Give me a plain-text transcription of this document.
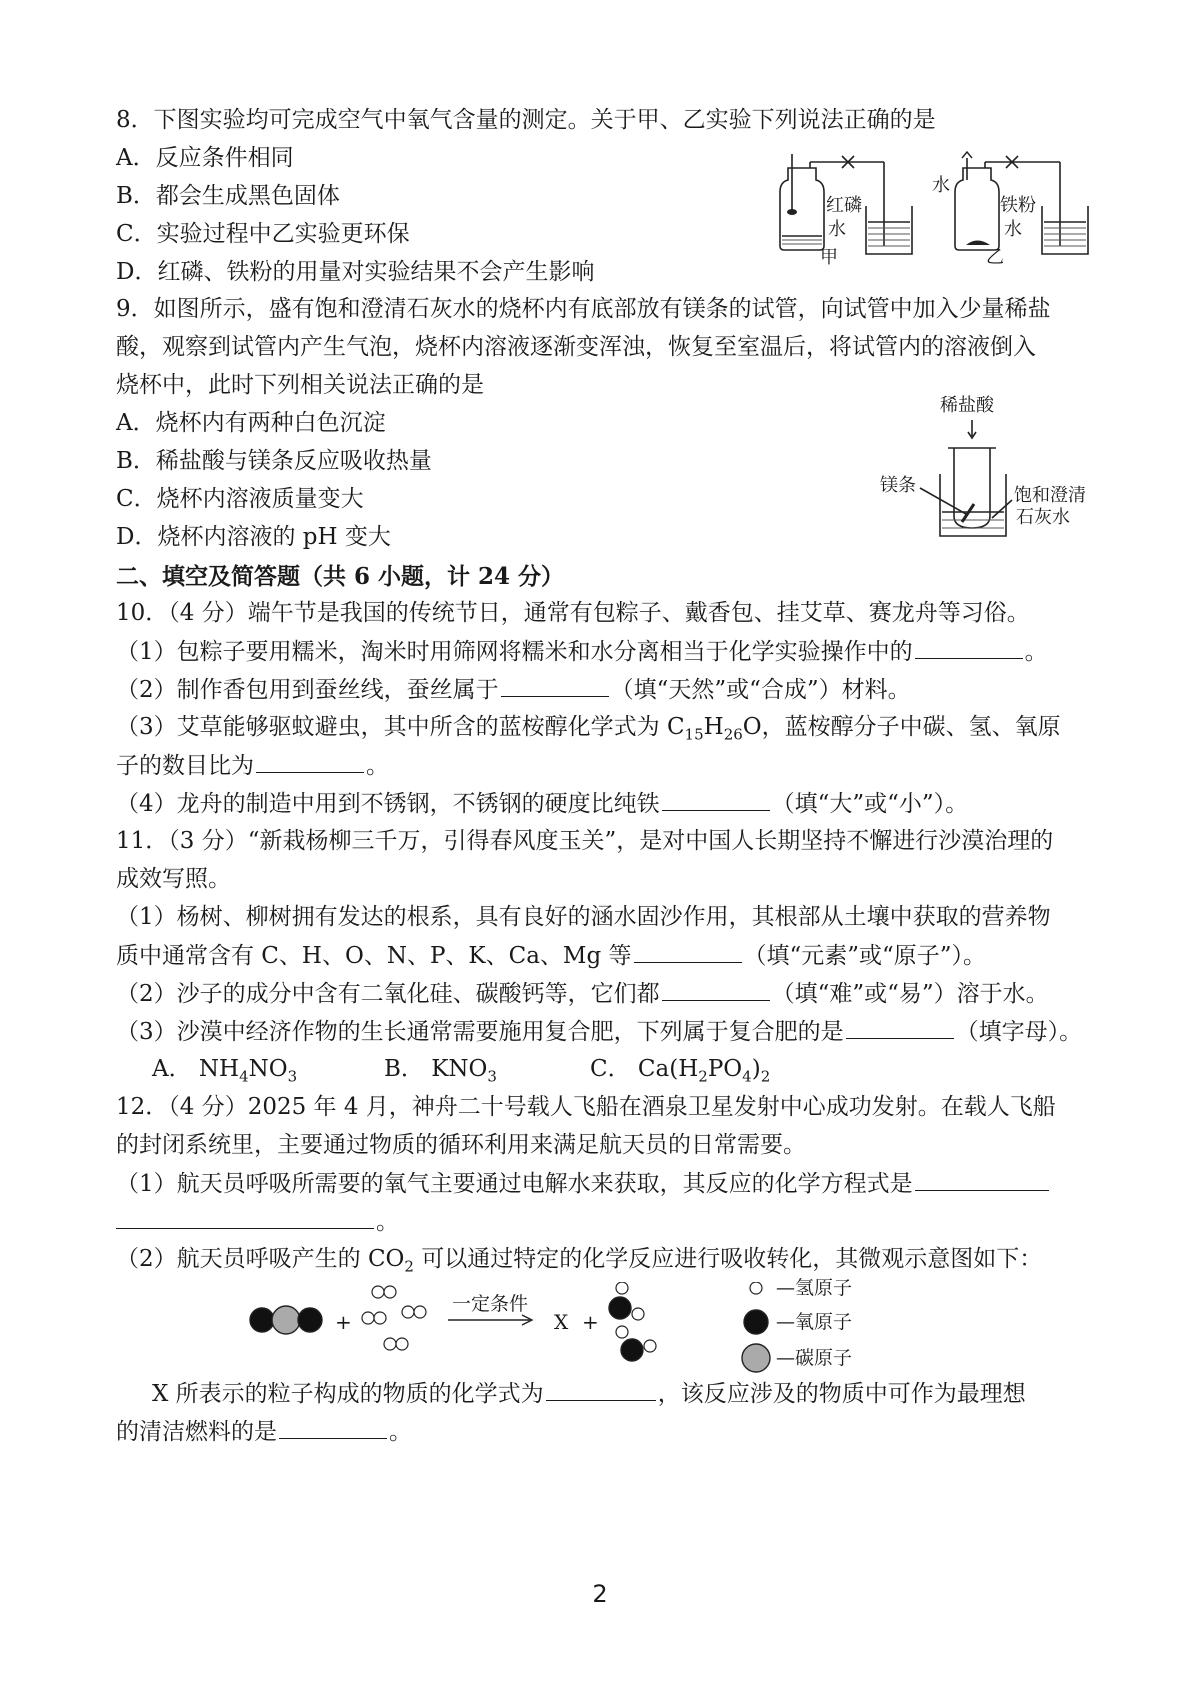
8．下图实验均可完成空气中氧气含量的测定。关于甲、乙实验下列说法正确的是
A．反应条件相同
B．都会生成黑色固体
C．实验过程中乙实验更环保
D．红磷、铁粉的用量对实验结果不会产生影响
红磷
水
甲
水
铁粉
水
乙
9．如图所示，盛有饱和澄清石灰水的烧杯内有底部放有镁条的试管，向试管中加入少量稀盐
酸，观察到试管内产生气泡，烧杯内溶液逐渐变浑浊，恢复至室温后，将试管内的溶液倒入
烧杯中，此时下列相关说法正确的是
A．烧杯内有两种白色沉淀
B．稀盐酸与镁条反应吸收热量
C．烧杯内溶液质量变大
D．烧杯内溶液的 pH 变大
稀盐酸
镁条	饱和澄清
石灰水
二、填空及简答题（共 6 小题，计 24 分）
10．（4 分）端午节是我国的传统节日，通常有包粽子、戴香包、挂艾草、赛龙舟等习俗。
（1）包粽子要用糯米，淘米时用筛网将糯米和水分离相当于化学实验操作中的	。
（2）制作香包用到蚕丝线，蚕丝属于	（填“天然”或“合成”）材料。
（3）艾草能够驱蚊避虫，其中所含的蓝桉醇化学式为 $C_{15}H_{26}O$，蓝桉醇分子中碳、氢、氧原
子的数目比为	。
（4）龙舟的制造中用到不锈钢，不锈钢的硬度比纯铁	（填“大”或“小”）。
11．（3 分）“新栽杨柳三千万，引得春风度玉关”，是对中国人长期坚持不懈进行沙漠治理的
成效写照。
（1）杨树、柳树拥有发达的根系，具有良好的涵水固沙作用，其根部从土壤中获取的营养物
质中通常含有 C、H、O、N、P、K、Ca、Mg 等	（填“元素”或“原子”）。
（2）沙子的成分中含有二氧化硅、碳酸钙等，它们都	（填“难”或“易”）溶于水。
（3）沙漠中经济作物的生长通常需要施用复合肥，下列属于复合肥的是	（填字母）。
A． $NH_4NO_3$	B． $KNO_3$	C． $Ca(H_2PO_4)_2$
12．（4 分）2025 年 4 月，神舟二十号载人飞船在酒泉卫星发射中心成功发射。在载人飞船
的封闭系统里，主要通过物质的循环利用来满足航天员的日常需要。
（1）航天员呼吸所需要的氧气主要通过电解水来获取，其反应的化学方程式是
。
（2）航天员呼吸产生的 $CO_2$ 可以通过特定的化学反应进行吸收转化，其微观示意图如下：
+
一定条件
X +
—氢原子
—氧原子
—碳原子
X 所表示的粒子构成的物质的化学式为	，该反应涉及的物质中可作为最理想
的清洁燃料的是	。
2
